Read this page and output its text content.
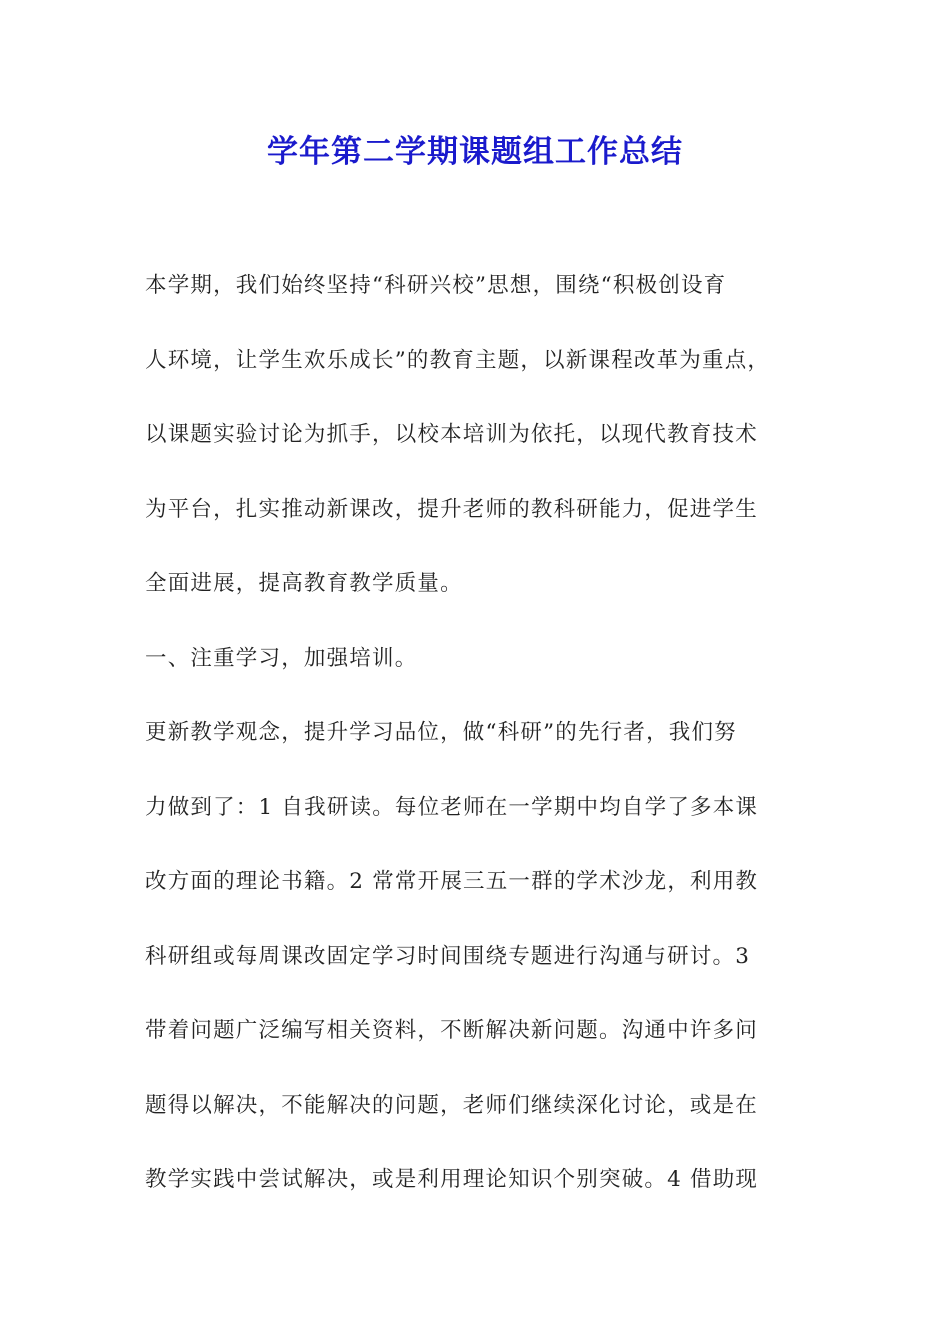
学年第二学期课题组工作总结
本学期，我们始终坚持“科研兴校”思想，围绕“积极创设育
人环境，让学生欢乐成长”的教育主题，以新课程改革为重点，
以课题实验讨论为抓手，以校本培训为依托，以现代教育技术
为平台，扎实推动新课改，提升老师的教科研能力，促进学生
全面进展，提高教育教学质量。
一、注重学习，加强培训。
更新教学观念，提升学习品位，做“科研”的先行者，我们努
力做到了：1 自我研读。每位老师在一学期中均自学了多本课
改方面的理论书籍。2 常常开展三五一群的学术沙龙，利用教
科研组或每周课改固定学习时间围绕专题进行沟通与研讨。3
带着问题广泛编写相关资料，不断解决新问题。沟通中许多问
题得以解决，不能解决的问题，老师们继续深化讨论，或是在
教学实践中尝试解决，或是利用理论知识个别突破。4 借助现
